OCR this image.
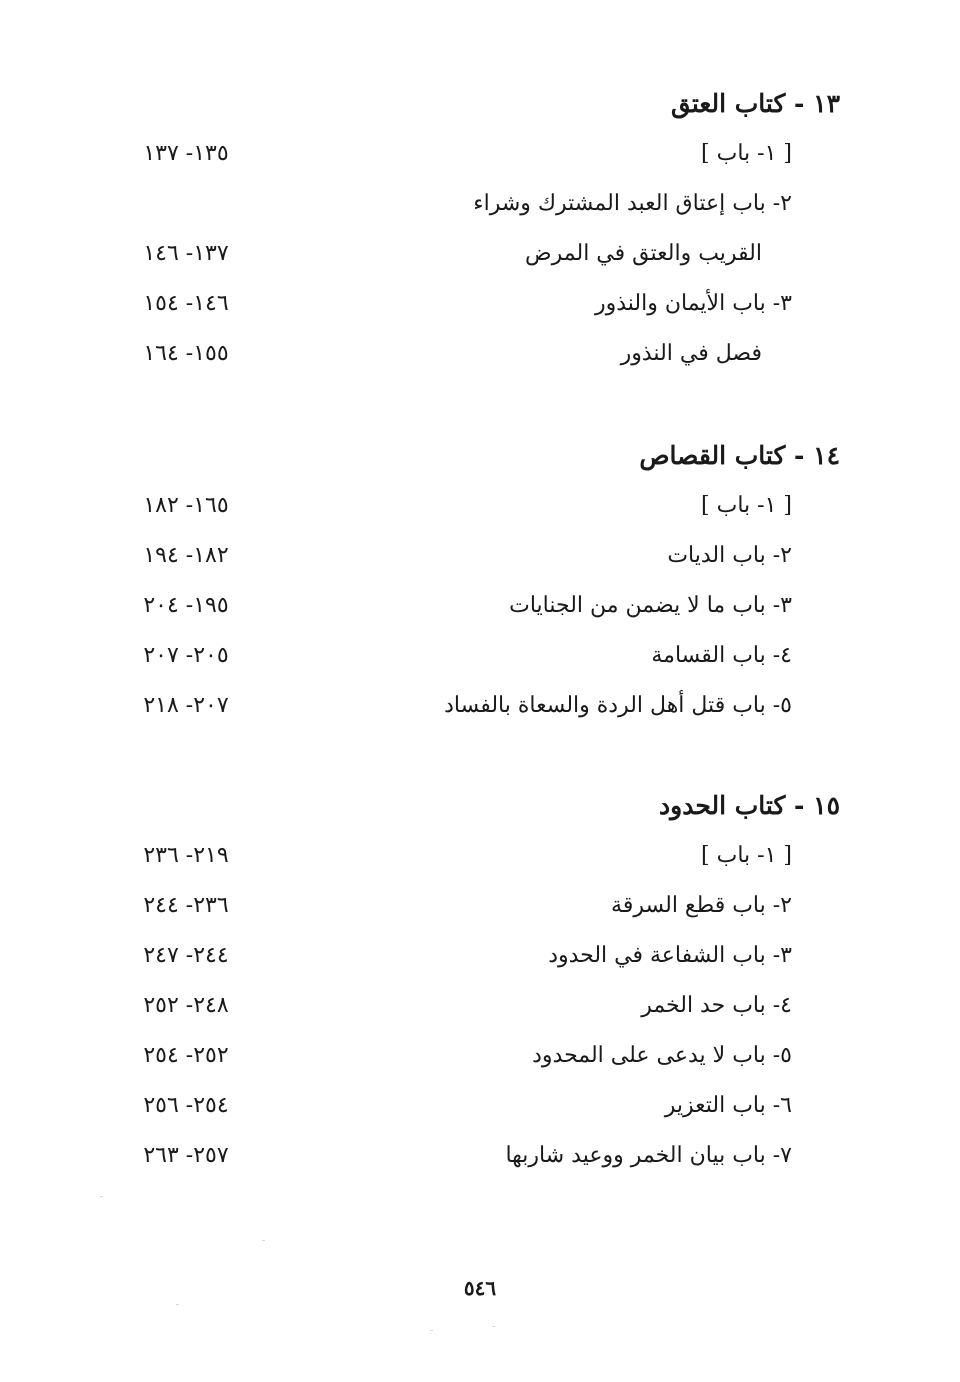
١٣ - كتاب العتق
[ ١- باب ]
١٣٥- ١٣٧
٢- باب إعتاق العبد المشترك وشراء
القريب والعتق في المرض
١٣٧- ١٤٦
٣- باب الأيمان والنذور
١٤٦- ١٥٤
فصل في النذور
١٥٥- ١٦٤
١٤ - كتاب القصاص
[ ١- باب ]
١٦٥- ١٨٢
٢- باب الديات
١٨٢- ١٩٤
٣- باب ما لا يضمن من الجنايات
١٩٥- ٢٠٤
٤- باب القسامة
٢٠٥- ٢٠٧
٥- باب قتل أهل الردة والسعاة بالفساد
٢٠٧- ٢١٨
١٥ - كتاب الحدود
[ ١- باب ]
٢١٩- ٢٣٦
٢- باب قطع السرقة
٢٣٦- ٢٤٤
٣- باب الشفاعة في الحدود
٢٤٤- ٢٤٧
٤- باب حد الخمر
٢٤٨- ٢٥٢
٥- باب لا يدعى على المحدود
٢٥٢- ٢٥٤
٦- باب التعزير
٢٥٤- ٢٥٦
٧- باب بيان الخمر ووعيد شاربها
٢٥٧- ٢٦٣
٥٤٦
